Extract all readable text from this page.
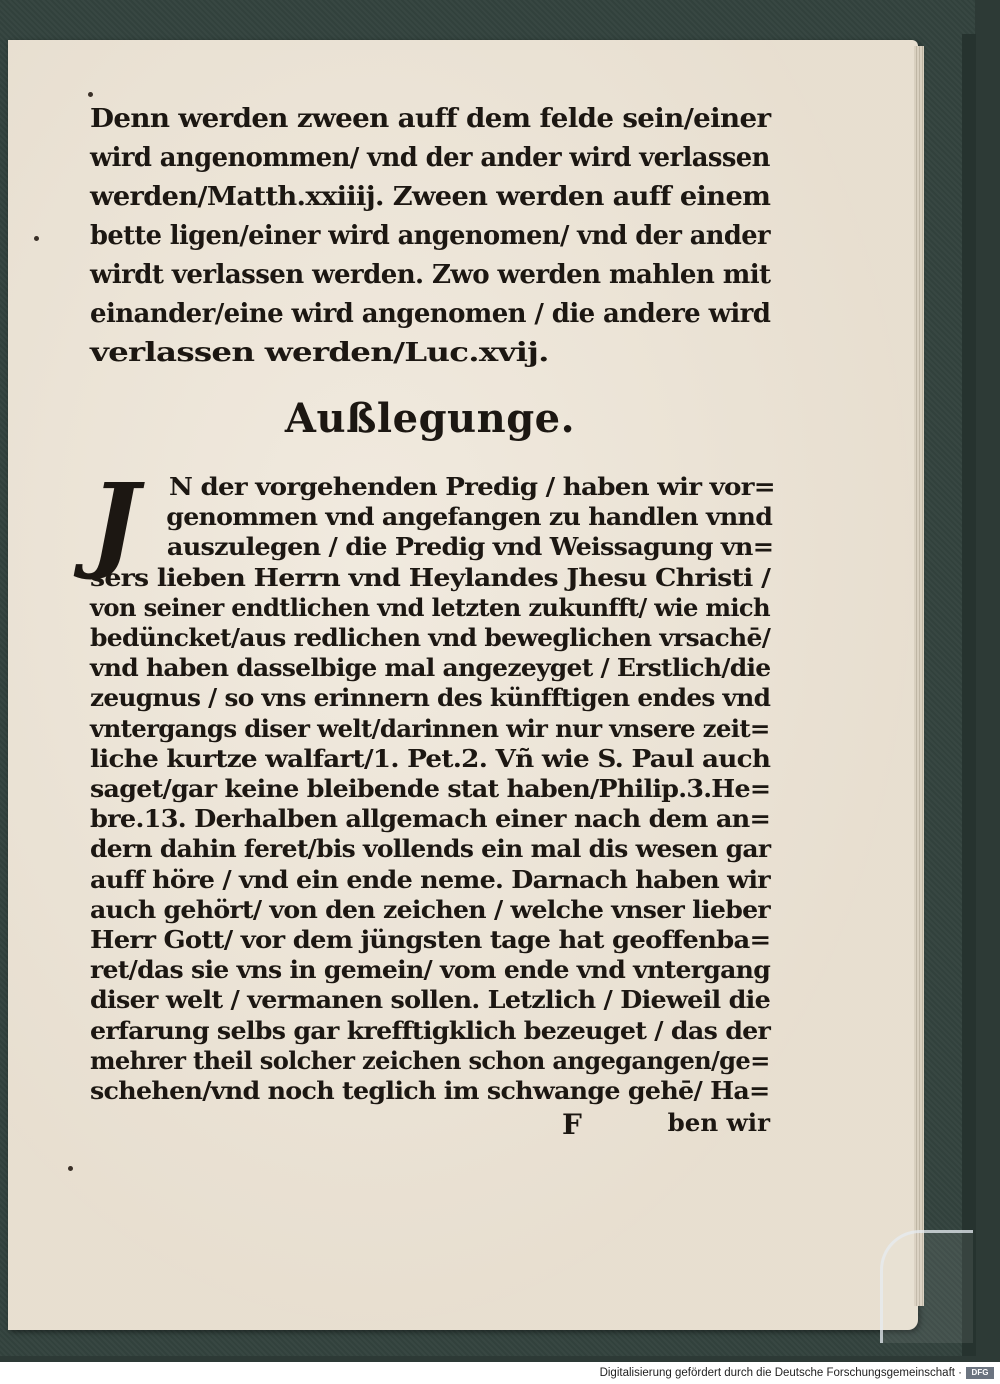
Denn werden zween auff dem felde sein/einer
wird angenommen/ vnd der ander wird verlassen
werden/Matth.xxiiij. Zween werden auff einem
bette ligen/einer wird angenomen/ vnd der ander
wirdt verlassen werden. Zwo werden mahlen mit
einander/eine wird angenomen / die andere wird
verlassen werden/Luc.xvij.
Außlegunge.
J	N der vorgehenden Predig / haben wir vor=
genommen vnd angefangen zu handlen vnnd
auszulegen / die Predig vnd Weissagung vn=
sers lieben Herrn vnd Heylandes Jhesu Christi /
von seiner endtlichen vnd letzten zukunfft/ wie mich
bedüncket/aus redlichen vnd beweglichen vrsachē/
vnd haben dasselbige mal angezeyget / Erstlich/die
zeugnus / so vns erinnern des künfftigen endes vnd
vntergangs diser welt/darinnen wir nur vnsere zeit=
liche kurtze walfart/1. Pet.2. Vñ wie S. Paul auch
saget/gar keine bleibende stat haben/Philip.3.He=
bre.13. Derhalben allgemach einer nach dem an=
dern dahin feret/bis vollends ein mal dis wesen gar
auff höre / vnd ein ende neme. Darnach haben wir
auch gehört/ von den zeichen / welche vnser lieber
Herr Gott/ vor dem jüngsten tage hat geoffenba=
ret/das sie vns in gemein/ vom ende vnd vntergang
diser welt / vermanen sollen. Letzlich / Dieweil die
erfarung selbs gar krefftigklich bezeuget / das der
mehrer theil solcher zeichen schon angegangen/ge=
schehen/vnd noch teglich im schwange gehē/ Ha=
F	ben wir
Digitalisierung gefördert durch die Deutsche Forschungsgemeinschaft ·	DFG
